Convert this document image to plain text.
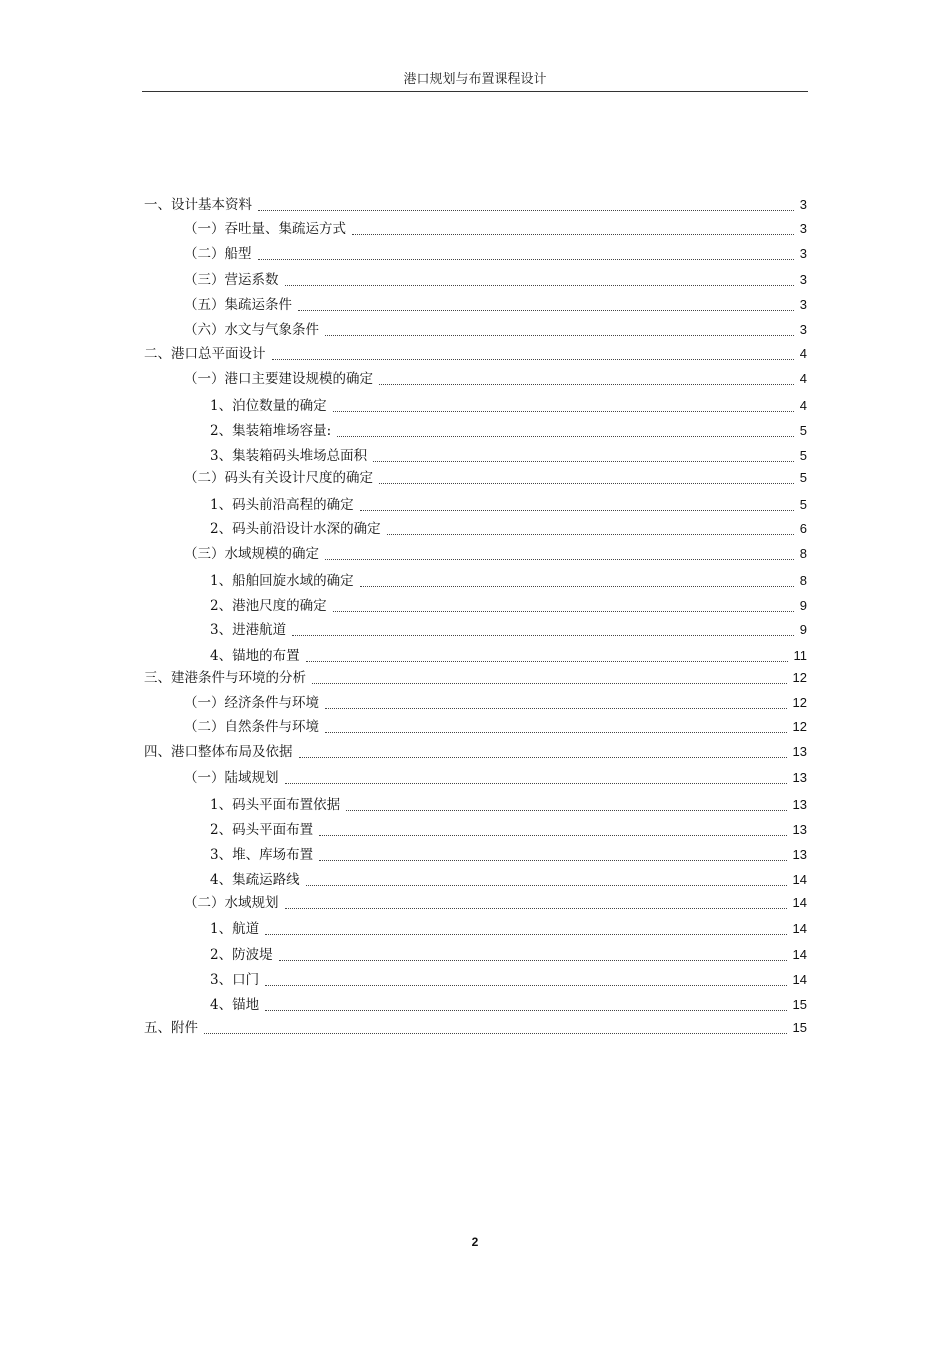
港口规划与布置课程设计
一、设计基本资料	3
（一）吞吐量、集疏运方式	3
（二）船型	3
（三）营运系数	3
（五）集疏运条件	3
（六）水文与气象条件	3
二、港口总平面设计	4
（一）港口主要建设规模的确定	4
1、泊位数量的确定	4
2、集装箱堆场容量:	5
3、集装箱码头堆场总面积	5
（二）码头有关设计尺度的确定	5
1、码头前沿高程的确定	5
2、码头前沿设计水深的确定	6
（三）水域规模的确定	8
1、船舶回旋水域的确定	8
2、港池尺度的确定	9
3、进港航道	9
4、锚地的布置	11
三、建港条件与环境的分析	12
（一）经济条件与环境	12
（二）自然条件与环境	12
四、港口整体布局及依据	13
（一）陆域规划	13
1、码头平面布置依据	13
2、码头平面布置	13
3、堆、库场布置	13
4、集疏运路线	14
（二）水域规划	14
1、航道	14
2、防波堤	14
3、口门	14
4、锚地	15
五、附件	15
2
